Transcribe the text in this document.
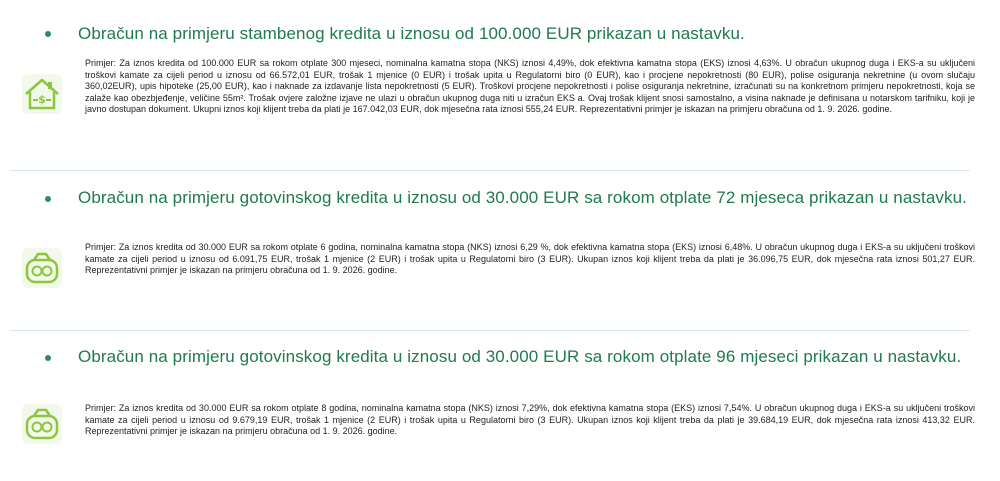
Obračun na primjeru stambenog kredita u iznosu od 100.000 EUR prikazan u nastavku.
$
Primjer: Za iznos kredita od 100.000 EUR sa rokom otplate 300 mjeseci, nominalna kamatna stopa (NKS) iznosi 4,49%, dok efektivna kamatna stopa (EKS) iznosi 4,63%. U obračun ukupnog duga i EKS-a su uključeni troškovi kamate za cijeli period u iznosu od 66.572,01 EUR, trošak 1 mjenice (0 EUR) i trošak upita u Regulatorni biro (0 EUR), kao i procjene nepokretnosti (80 EUR), polise osiguranja nekretnine (u ovom slučaju 360,02EUR), upis hipoteke (25,00 EUR), kao i naknade za izdavanje lista nepokretnosti (5 EUR). Troškovi procjene nepokretnosti i polise osiguranja nekretnine, izračunati su na konkretnom primjeru nepokretnosti, koja se zalaže kao obezbjeđenje, veličine 55m². Trošak ovjere založne izjave ne ulazi u obračun ukupnog duga niti u izračun EKS a. Ovaj trošak klijent snosi samostalno, a visina naknade je definisana u notarskom tarifniku, koji je javno dostupan dokument. Ukupni iznos koji klijent treba da plati je 167.042,03 EUR, dok mjesečna rata iznosi 555,24 EUR. Reprezentativni primjer je iskazan na primjeru obračuna od 1. 9. 2026. godine.
Obračun na primjeru gotovinskog kredita u iznosu od 30.000 EUR sa rokom otplate 72 mjeseca prikazan u nastavku.
Primjer: Za iznos kredita od 30.000 EUR sa rokom otplate 6 godina, nominalna kamatna stopa (NKS) iznosi 6,29 %, dok efektivna kamatna stopa (EKS) iznosi 6,48%. U obračun ukupnog duga i EKS-a su uključeni troškovi kamate za cijeli period u iznosu od 6.091,75 EUR, trošak 1 mjenice (2 EUR) i trošak upita u Regulatorni biro (3 EUR). Ukupan iznos koji klijent treba da plati je 36.096,75 EUR, dok mjesečna rata iznosi 501,27 EUR. Reprezentativni primjer je iskazan na primjeru obračuna od 1. 9. 2026. godine.
Obračun na primjeru gotovinskog kredita u iznosu od 30.000 EUR sa rokom otplate 96 mjeseci prikazan u nastavku.
Primjer: Za iznos kredita od 30.000 EUR sa rokom otplate 8 godina, nominalna kamatna stopa (NKS) iznosi 7,29%, dok efektivna kamatna stopa (EKS) iznosi 7,54%. U obračun ukupnog duga i EKS-a su uključeni troškovi kamate za cijeli period u iznosu od 9.679,19 EUR, trošak 1 mjenice (2 EUR) i trošak upita u Regulatorni biro (3 EUR). Ukupan iznos koji klijent treba da plati je 39.684,19 EUR, dok mjesečna rata iznosi 413,32 EUR. Reprezentativni primjer je iskazan na primjeru obračuna od 1. 9. 2026. godine.
